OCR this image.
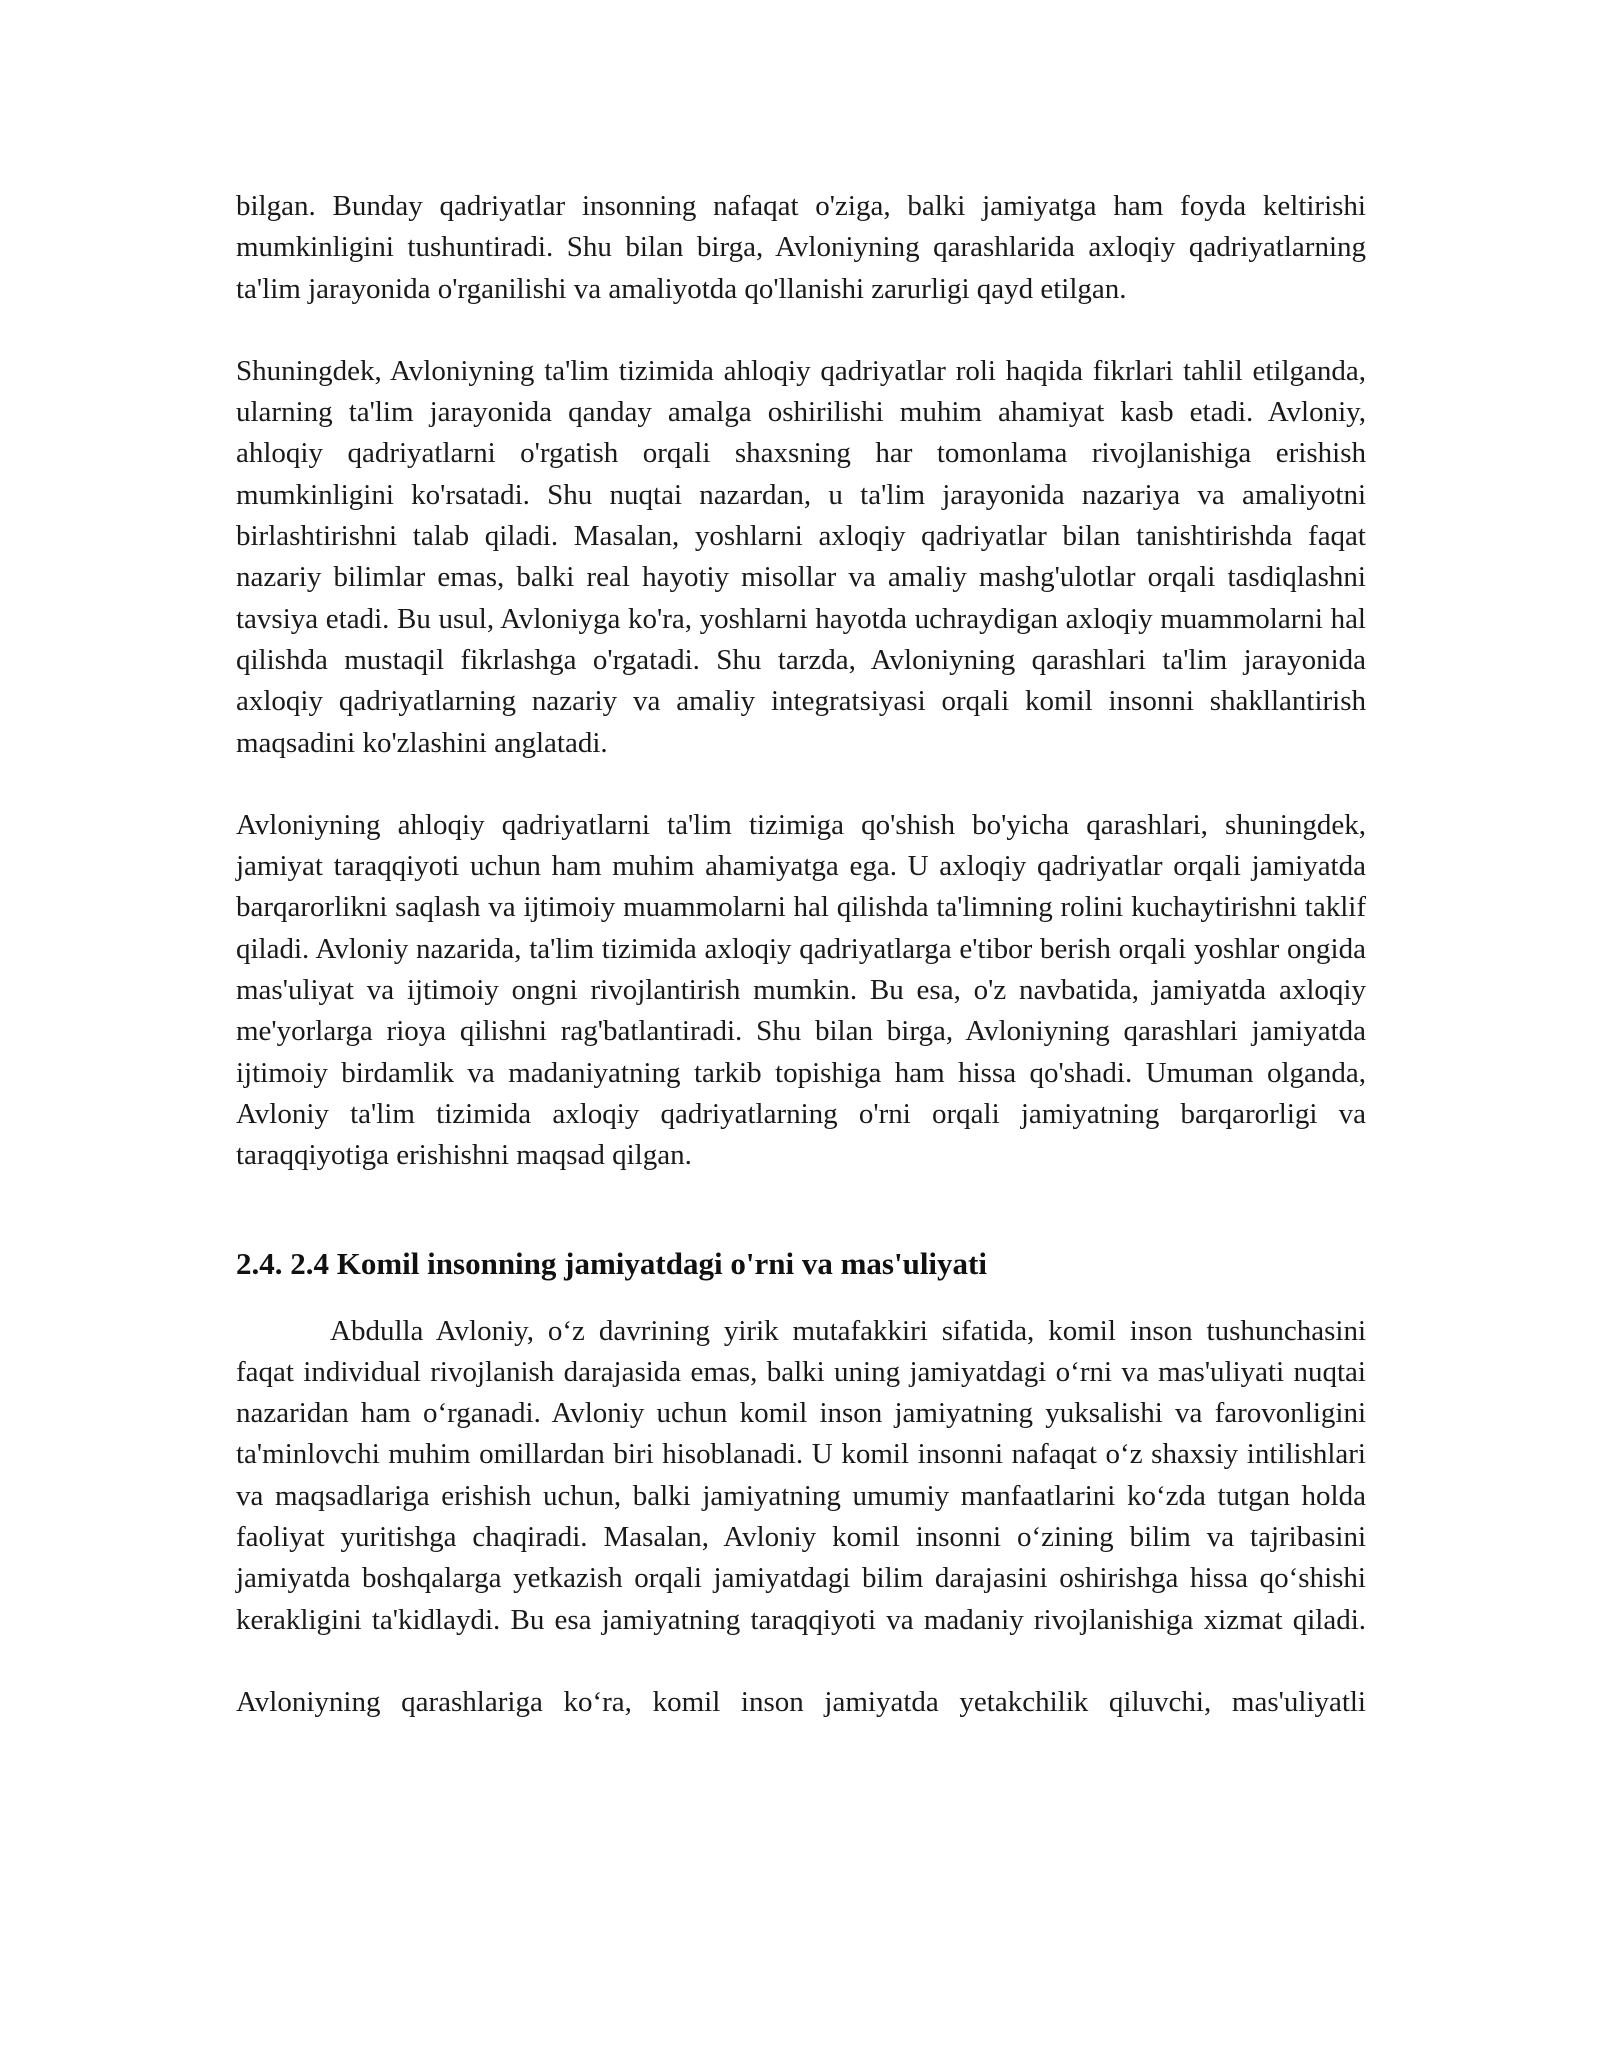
bilgan. Bunday qadriyatlar insonning nafaqat o'ziga, balki jamiyatga ham foyda keltirishi mumkinligini tushuntiradi. Shu bilan birga, Avloniyning qarashlarida axloqiy qadriyatlarning ta'lim jarayonida o'rganilishi va amaliyotda qo'llanishi zarurligi qayd etilgan.

Shuningdek, Avloniyning ta'lim tizimida ahloqiy qadriyatlar roli haqida fikrlari tahlil etilganda, ularning ta'lim jarayonida qanday amalga oshirilishi muhim ahamiyat kasb etadi. Avloniy, ahloqiy qadriyatlarni o'rgatish orqali shaxsning har tomonlama rivojlanishiga erishish mumkinligini ko'rsatadi. Shu nuqtai nazardan, u ta'lim jarayonida nazariya va amaliyotni birlashtirishni talab qiladi. Masalan, yoshlarni axloqiy qadriyatlar bilan tanishtirishda faqat nazariy bilimlar emas, balki real hayotiy misollar va amaliy mashg'ulotlar orqali tasdiqlashni tavsiya etadi. Bu usul, Avloniyga ko'ra, yoshlarni hayotda uchraydigan axloqiy muammolarni hal qilishda mustaqil fikrlashga o'rgatadi. Shu tarzda, Avloniyning qarashlari ta'lim jarayonida axloqiy qadriyatlarning nazariy va amaliy integratsiyasi orqali komil insonni shakllantirish maqsadini ko'zlashini anglatadi.

Avloniyning ahloqiy qadriyatlarni ta'lim tizimiga qo'shish bo'yicha qarashlari, shuningdek, jamiyat taraqqiyoti uchun ham muhim ahamiyatga ega. U axloqiy qadriyatlar orqali jamiyatda barqarorlikni saqlash va ijtimoiy muammolarni hal qilishda ta'limning rolini kuchaytirishni taklif qiladi. Avloniy nazarida, ta'lim tizimida axloqiy qadriyatlarga e'tibor berish orqali yoshlar ongida mas'uliyat va ijtimoiy ongni rivojlantirish mumkin. Bu esa, o'z navbatida, jamiyatda axloqiy me'yorlarga rioya qilishni rag'batlantiradi. Shu bilan birga, Avloniyning qarashlari jamiyatda ijtimoiy birdamlik va madaniyatning tarkib topishiga ham hissa qo'shadi. Umuman olganda, Avloniy ta'lim tizimida axloqiy qadriyatlarning o'rni orqali jamiyatning barqarorligi va taraqqiyotiga erishishni maqsad qilgan.

2.4. 2.4 Komil insonning jamiyatdagi o'rni va mas'uliyati

Abdulla Avloniy, oʻz davrining yirik mutafakkiri sifatida, komil inson tushunchasini faqat individual rivojlanish darajasida emas, balki uning jamiyatdagi oʻrni va mas'uliyati nuqtai nazaridan ham oʻrganadi. Avloniy uchun komil inson jamiyatning yuksalishi va farovonligini ta'minlovchi muhim omillardan biri hisoblanadi. U komil insonni nafaqat oʻz shaxsiy intilishlari va maqsadlariga erishish uchun, balki jamiyatning umumiy manfaatlarini koʻzda tutgan holda faoliyat yuritishga chaqiradi. Masalan, Avloniy komil insonni oʻzining bilim va tajribasini jamiyatda boshqalarga yetkazish orqali jamiyatdagi bilim darajasini oshirishga hissa qoʻshishi kerakligini ta'kidlaydi. Bu esa jamiyatning taraqqiyoti va madaniy rivojlanishiga xizmat qiladi.

Avloniyning qarashlariga koʻra, komil inson jamiyatda yetakchilik qiluvchi, mas'uliyatli
